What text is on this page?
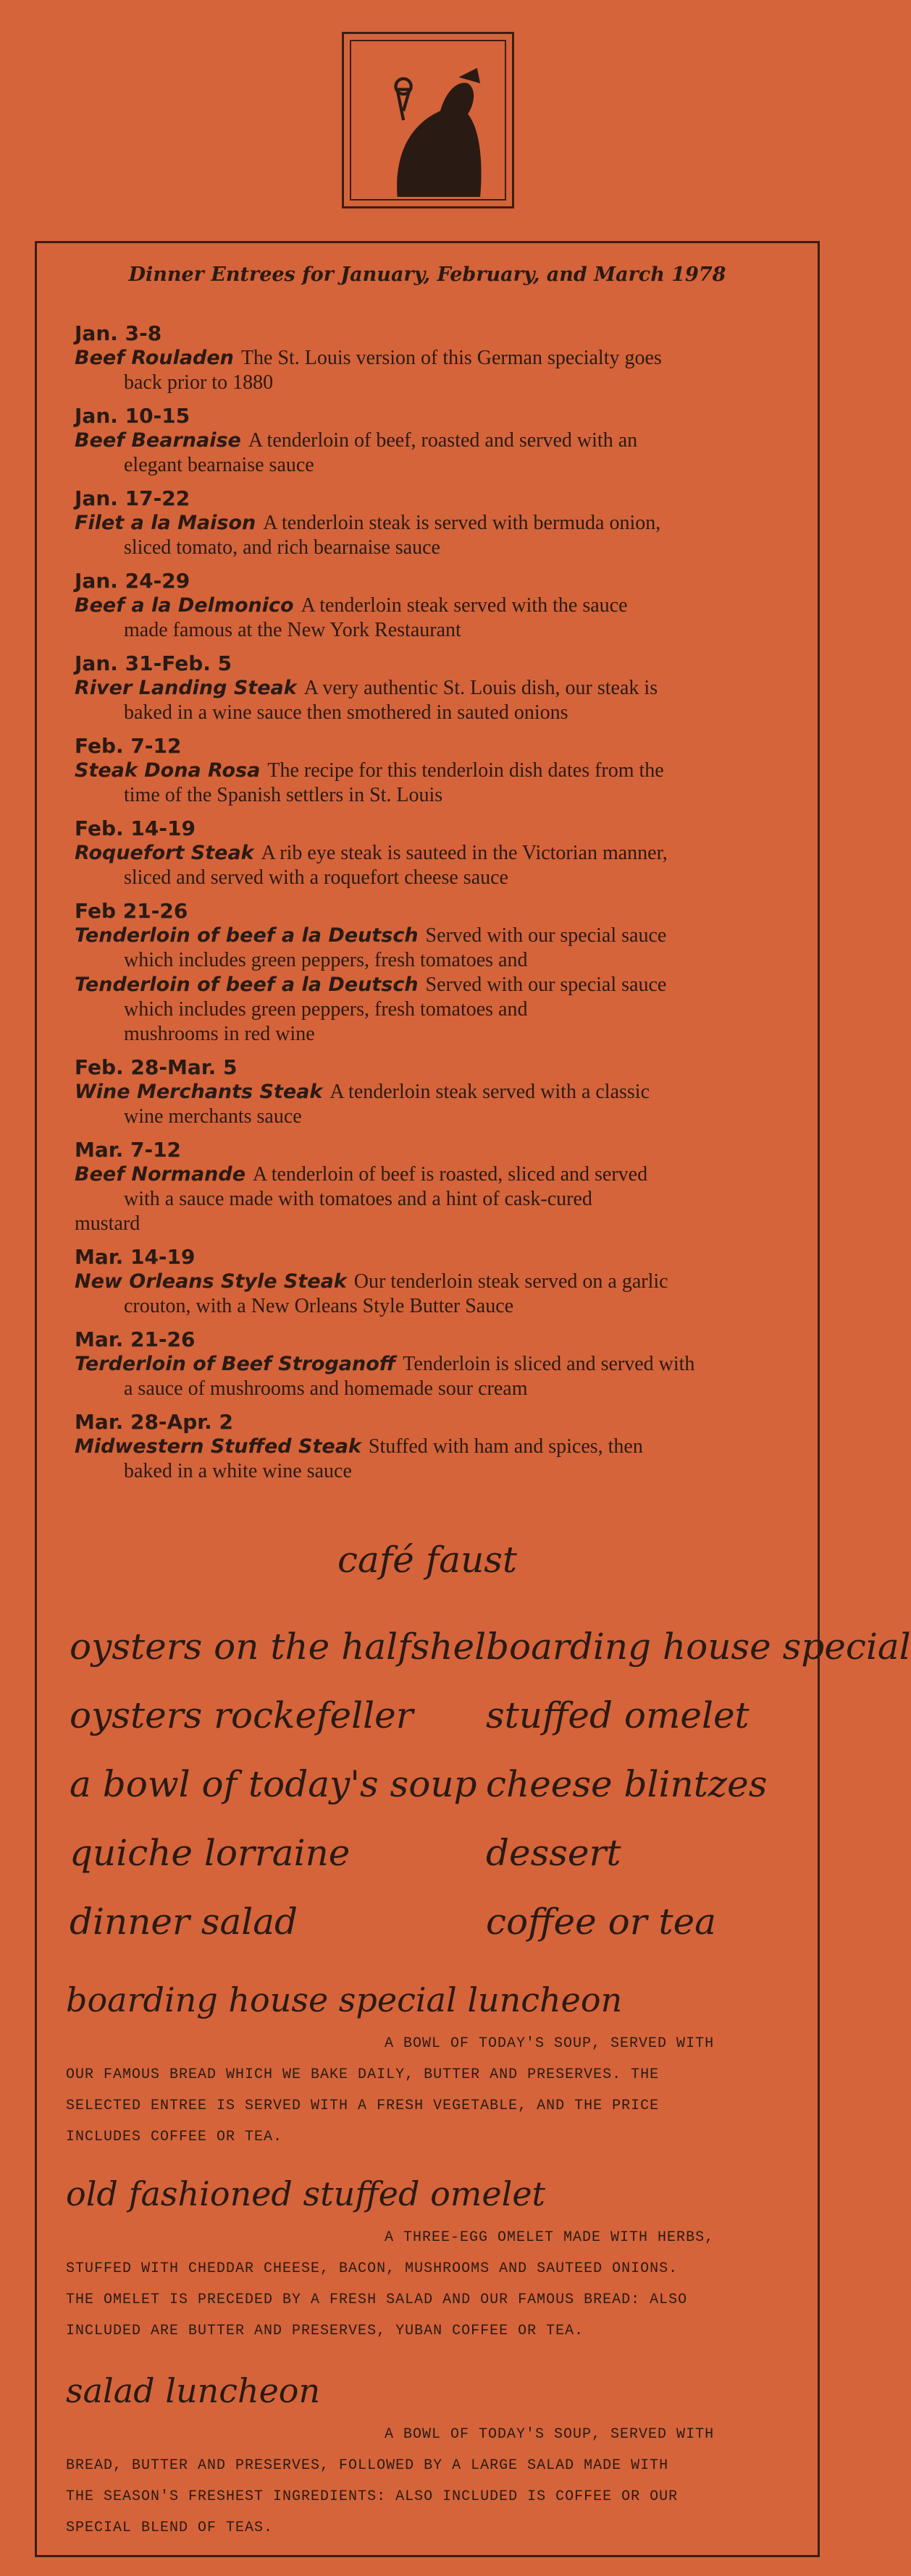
Dinner Entrees for January, February, and March 1978
Jan. 3-8
Beef Rouladen The St. Louis version of this German specialty goes
back prior to 1880
Jan. 10-15
Beef Bearnaise A tenderloin of beef, roasted and served with an
elegant bearnaise sauce
Jan. 17-22
Filet a la Maison A tenderloin steak is served with bermuda onion,
sliced tomato, and rich bearnaise sauce
Jan. 24-29
Beef a la Delmonico A tenderloin steak served with the sauce
made famous at the New York Restaurant
Jan. 31-Feb. 5
River Landing Steak A very authentic St. Louis dish, our steak is
baked in a wine sauce then smothered in sauted onions
Feb. 7-12
Steak Dona Rosa The recipe for this tenderloin dish dates from the
time of the Spanish settlers in St. Louis
Feb. 14-19
Roquefort Steak A rib eye steak is sauteed in the Victorian manner,
sliced and served with a roquefort cheese sauce
Feb 21-26
Tenderloin of beef a la Deutsch Served with our special sauce
which includes green peppers, fresh tomatoes and
Tenderloin of beef a la Deutsch Served with our special sauce
which includes green peppers, fresh tomatoes and
mushrooms in red wine
Feb. 28-Mar. 5
Wine Merchants Steak A tenderloin steak served with a classic
wine merchants sauce
Mar. 7-12
Beef Normande A tenderloin of beef is roasted, sliced and served
with a sauce made with tomatoes and a hint of cask-cured
mustard
Mar. 14-19
New Orleans Style Steak Our tenderloin steak served on a garlic
crouton, with a New Orleans Style Butter Sauce
Mar. 21-26
Terderloin of Beef Stroganoff Tenderloin is sliced and served with
a sauce of mushrooms and homemade sour cream
Mar. 28-Apr. 2
Midwestern Stuffed Steak Stuffed with ham and spices, then
baked in a white wine sauce
café faust
oysters on the halfshell
oysters rockefeller
a bowl of today's soup
quiche lorraine
dinner salad
boarding house special
stuffed omelet
cheese blintzes
dessert
coffee or tea
boarding house special luncheon
A BOWL OF TODAY'S SOUP, SERVED WITH
OUR FAMOUS BREAD WHICH WE BAKE DAILY, BUTTER AND PRESERVES. THE
SELECTED ENTREE IS SERVED WITH A FRESH VEGETABLE, AND THE PRICE
INCLUDES COFFEE OR TEA.
old fashioned stuffed omelet
A THREE-EGG OMELET MADE WITH HERBS,
STUFFED WITH CHEDDAR CHEESE, BACON, MUSHROOMS AND SAUTEED ONIONS.
THE OMELET IS PRECEDED BY A FRESH SALAD AND OUR FAMOUS BREAD: ALSO
INCLUDED ARE BUTTER AND PRESERVES, YUBAN COFFEE OR TEA.
salad luncheon
A BOWL OF TODAY'S SOUP, SERVED WITH
BREAD, BUTTER AND PRESERVES, FOLLOWED BY A LARGE SALAD MADE WITH
THE SEASON'S FRESHEST INGREDIENTS: ALSO INCLUDED IS COFFEE OR OUR
SPECIAL BLEND OF TEAS.
